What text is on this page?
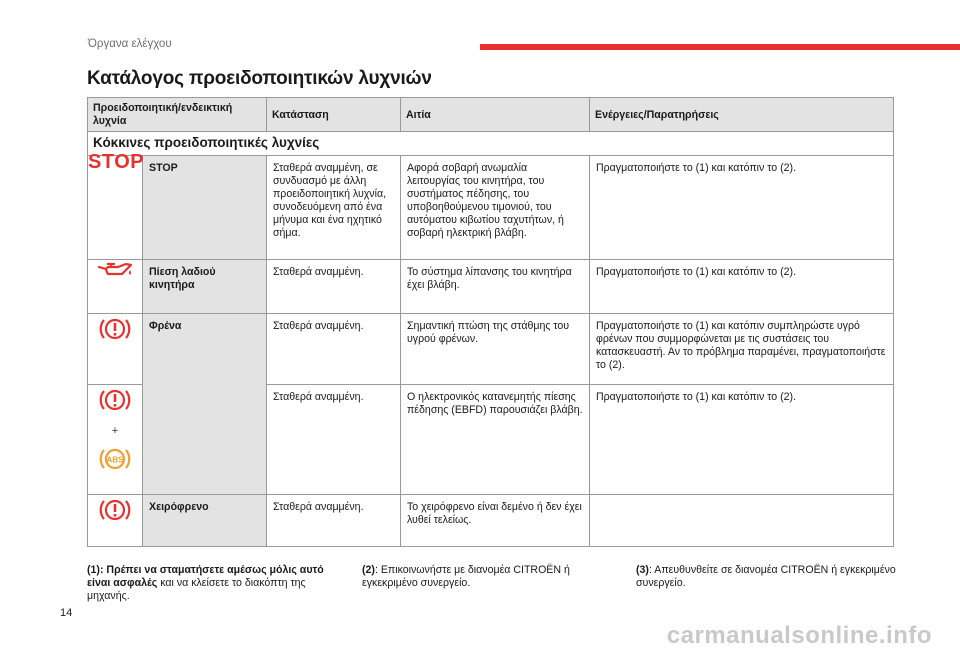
Όργανα ελέγχου
Κατάλογος προειδοποιητικών λυχνιών
Προειδοποιητική/ενδεικτική λυχνία		Κατάσταση	Αιτία	Ενέργειες/Παρατηρήσεις
Κόκκινες προειδοποιητικές λυχνίες				
STOP	STOP	Σταθερά αναμμένη, σε συνδυασμό με άλλη προειδοποιητική λυχνία, συνοδευόμενη από ένα μήνυμα και ένα ηχητικό σήμα.	Αφορά σοβαρή ανωμαλία λειτουργίας του κινητήρα, του συστήματος πέδησης, του υποβοηθούμενου τιμονιού, του αυτόματου κιβωτίου ταχυτήτων, ή σοβαρή ηλεκτρική βλάβη.	Πραγματοποιήστε το (1) και κατόπιν το (2).
	Πίεση λαδιού κινητήρα	Σταθερά αναμμένη.	Το σύστημα λίπανσης του κινητήρα έχει βλάβη.	Πραγματοποιήστε το (1) και κατόπιν το (2).
	Φρένα	Σταθερά αναμμένη.	Σημαντική πτώση της στάθμης του υγρού φρένων.	Πραγματοποιήστε το (1) και κατόπιν συμπληρώστε υγρό φρένων που συμμορφώνεται με τις συστάσεις του κατασκευαστή. Αν το πρόβλημα παραμένει, πραγματοποιήστε το (2).

+
ABS		Σταθερά αναμμένη.	Ο ηλεκτρονικός κατανεμητής πίεσης πέδησης (EBFD) παρουσιάζει βλάβη.	Πραγματοποιήστε το (1) και κατόπιν το (2).
	Χειρόφρενο	Σταθερά αναμμένη.	Το χειρόφρενο είναι δεμένο ή δεν έχει λυθεί τελείως.	
(1): Πρέπει να σταματήσετε αμέσως μόλις αυτό είναι ασφαλές και να κλείσετε το διακόπτη της μηχανής.
(2): Επικοινωνήστε με διανομέα CITROËN ή εγκεκριμένο συνεργείο.
(3): Απευθυνθείτε σε διανομέα CITROËN ή εγκεκριμένο συνεργείο.
14
carmanualsonline.info
